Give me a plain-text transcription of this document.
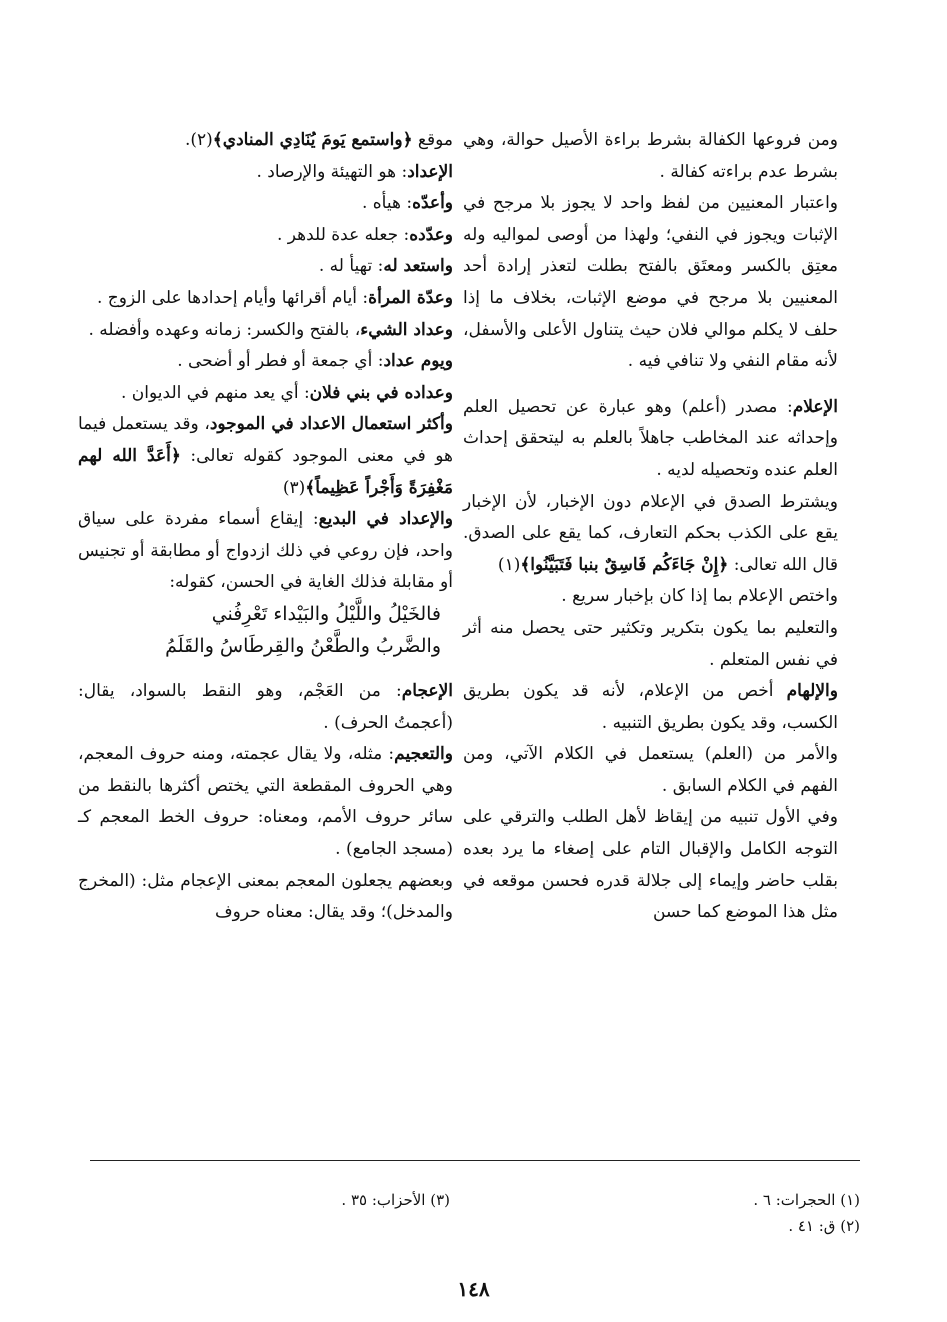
ومن فروعها الكفالة بشرط براءة الأصيل حوالة، وهي بشرط عدم براءته كفالة .

واعتبار المعنيين من لفظ واحد لا يجوز بلا مرجح في الإثبات ويجوز في النفي؛ ولهذا من أوصى لمواليه وله معتِق بالكسر ومعتَق بالفتح بطلت لتعذر إرادة أحد المعنيين بلا مرجح في موضع الإثبات، بخلاف ما إذا حلف لا يكلم موالي فلان حيث يتناول الأعلى والأسفل، لأنه مقام النفي ولا تنافي فيه .

الإعلام: مصدر (أعلم) وهو عبارة عن تحصيل العلم وإحداثه عند المخاطب جاهلاً بالعلم به ليتحقق إحداث العلم عنده وتحصيله لديه .

ويشترط الصدق في الإعلام دون الإخبار، لأن الإخبار يقع على الكذب بحكم التعارف، كما يقع على الصدق. قال الله تعالى: ﴿إِنْ جَاءَكُم فَاسِقٌ بنبا فَتَبَيَّنُوا﴾(١)

واختص الإعلام بما إذا كان بإخبار سريع .

والتعليم بما يكون بتكرير وتكثير حتى يحصل منه أثر في نفس المتعلم .

والإلهام أخص من الإعلام، لأنه قد يكون بطريق الكسب، وقد يكون بطريق التنبيه .

والأمر من (العلم) يستعمل في الكلام الآتي، ومن الفهم في الكلام السابق .

وفي الأول تنبيه من إيقاظ لأهل الطلب والترقي على التوجه الكامل والإقبال التام على إصغاء ما يرد بعده بقلب حاضر وإيماء إلى جلالة قدره فحسن موقعه في مثل هذا الموضع كما حسن

موقع ﴿واستمع يَومَ يُنَادِي المنادي﴾(٢).

الإعداد: هو التهيئة والإرصاد .

وأعدّه: هيأه .

وعدّده: جعله عدة للدهر .

واستعد له: تهيأ له .

وعدّة المرأة: أيام أقرائها وأيام إحدادها على الزوج .

وعداد الشيء، بالفتح والكسر: زمانه وعهده وأفضله .

ويوم عداد: أي جمعة أو فطر أو أضحى .

وعداده في بني فلان: أي يعد منهم في الديوان .

وأكثر استعمال الاعداد في الموجود، وقد يستعمل فيما هو في معنى الموجود كقوله تعالى: ﴿أَعَدَّ الله لهم مَغْفِرَةً وَأَجْراً عَظِيماً﴾(٣)

والإعداد في البديع: إيقاع أسماء مفردة على سياق واحد، فإن روعي في ذلك ازدواج أو مطابقة أو تجنيس أو مقابلة فذلك الغاية في الحسن، كقوله:

فالخَيْلُ واللَّيْلُ والبَيْداء تَعْرِفُني
والضَّربُ والطَّعْنُ والقِرطَاسُ والقَلَمُ

الإعجام: من العَجْم، وهو النقط بالسواد، يقال: (أعجمتُ الحرف) .

والتعجيم: مثله، ولا يقال عجمته، ومنه حروف المعجم، وهي الحروف المقطعة التي يختص أكثرها بالنقط من سائر حروف الأمم، ومعناه: حروف الخط المعجم كـ (مسجد الجامع) .

وبعضهم يجعلون المعجم بمعنى الإعجام مثل: (المخرج والمدخل)؛ وقد يقال: معناه حروف

(١) الحجرات: ٦ .
(٢) ق: ٤١ .
(٣) الأحزاب: ٣٥ .
١٤٨
